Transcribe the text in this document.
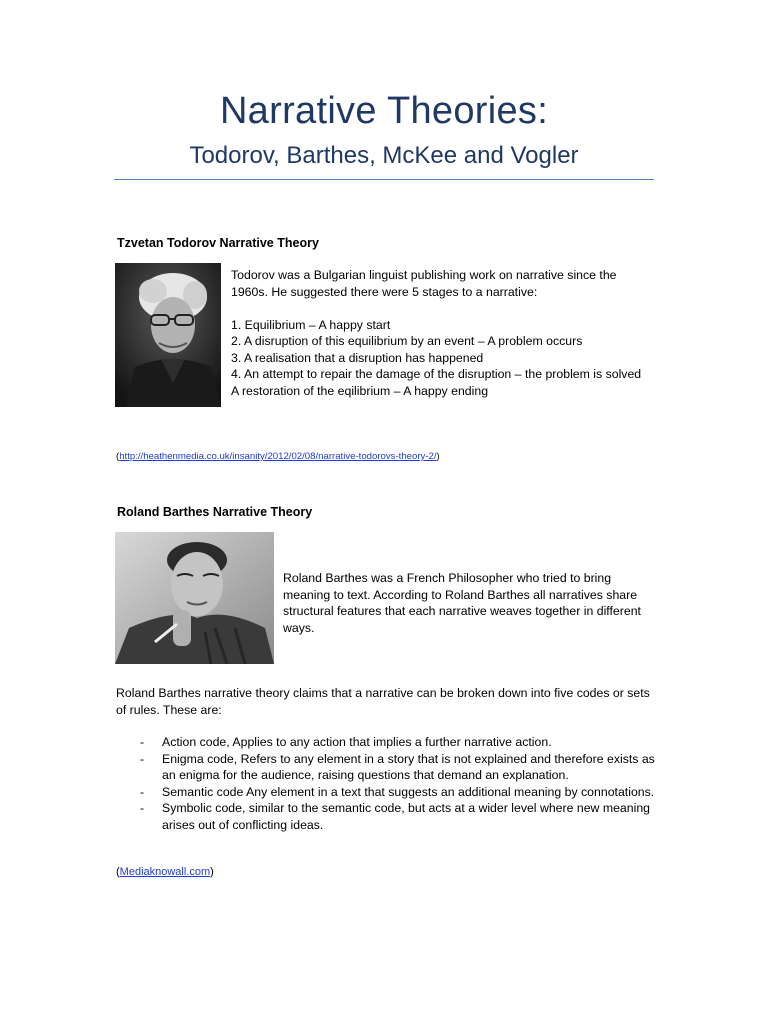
Narrative Theories:
Todorov, Barthes, McKee and Vogler
Tzvetan Todorov Narrative Theory

Todorov was a Bulgarian linguist publishing work on narrative since the 1960s. He suggested there were 5 stages to a narrative:

1. Equilibrium – A happy start

2. A disruption of this equilibrium by an event – A problem occurs

3. A realisation that a disruption has happened

4. An attempt to repair the damage of the disruption – the problem is solved

A restoration of the eqilibrium – A happy ending

(http://heathenmedia.co.uk/insanity/2012/02/08/narrative-todorovs-theory-2/)
Roland Barthes Narrative Theory
Roland Barthes was a French Philosopher who tried to bring meaning to text. According to Roland Barthes all narratives share structural features that each narrative weaves together in different ways.
Roland Barthes narrative theory claims that a narrative can be broken down into five codes or sets of rules. These are:
- Action code, Applies to any action that implies a further narrative action.
- Enigma code, Refers to any element in a story that is not explained and therefore exists as an enigma for the audience, raising questions that demand an explanation.
- Semantic code Any element in a text that suggests an additional meaning by connotations.
- Symbolic code, similar to the semantic code, but acts at a wider level where new meaning arises out of conflicting ideas.
(Mediaknowall.com)
